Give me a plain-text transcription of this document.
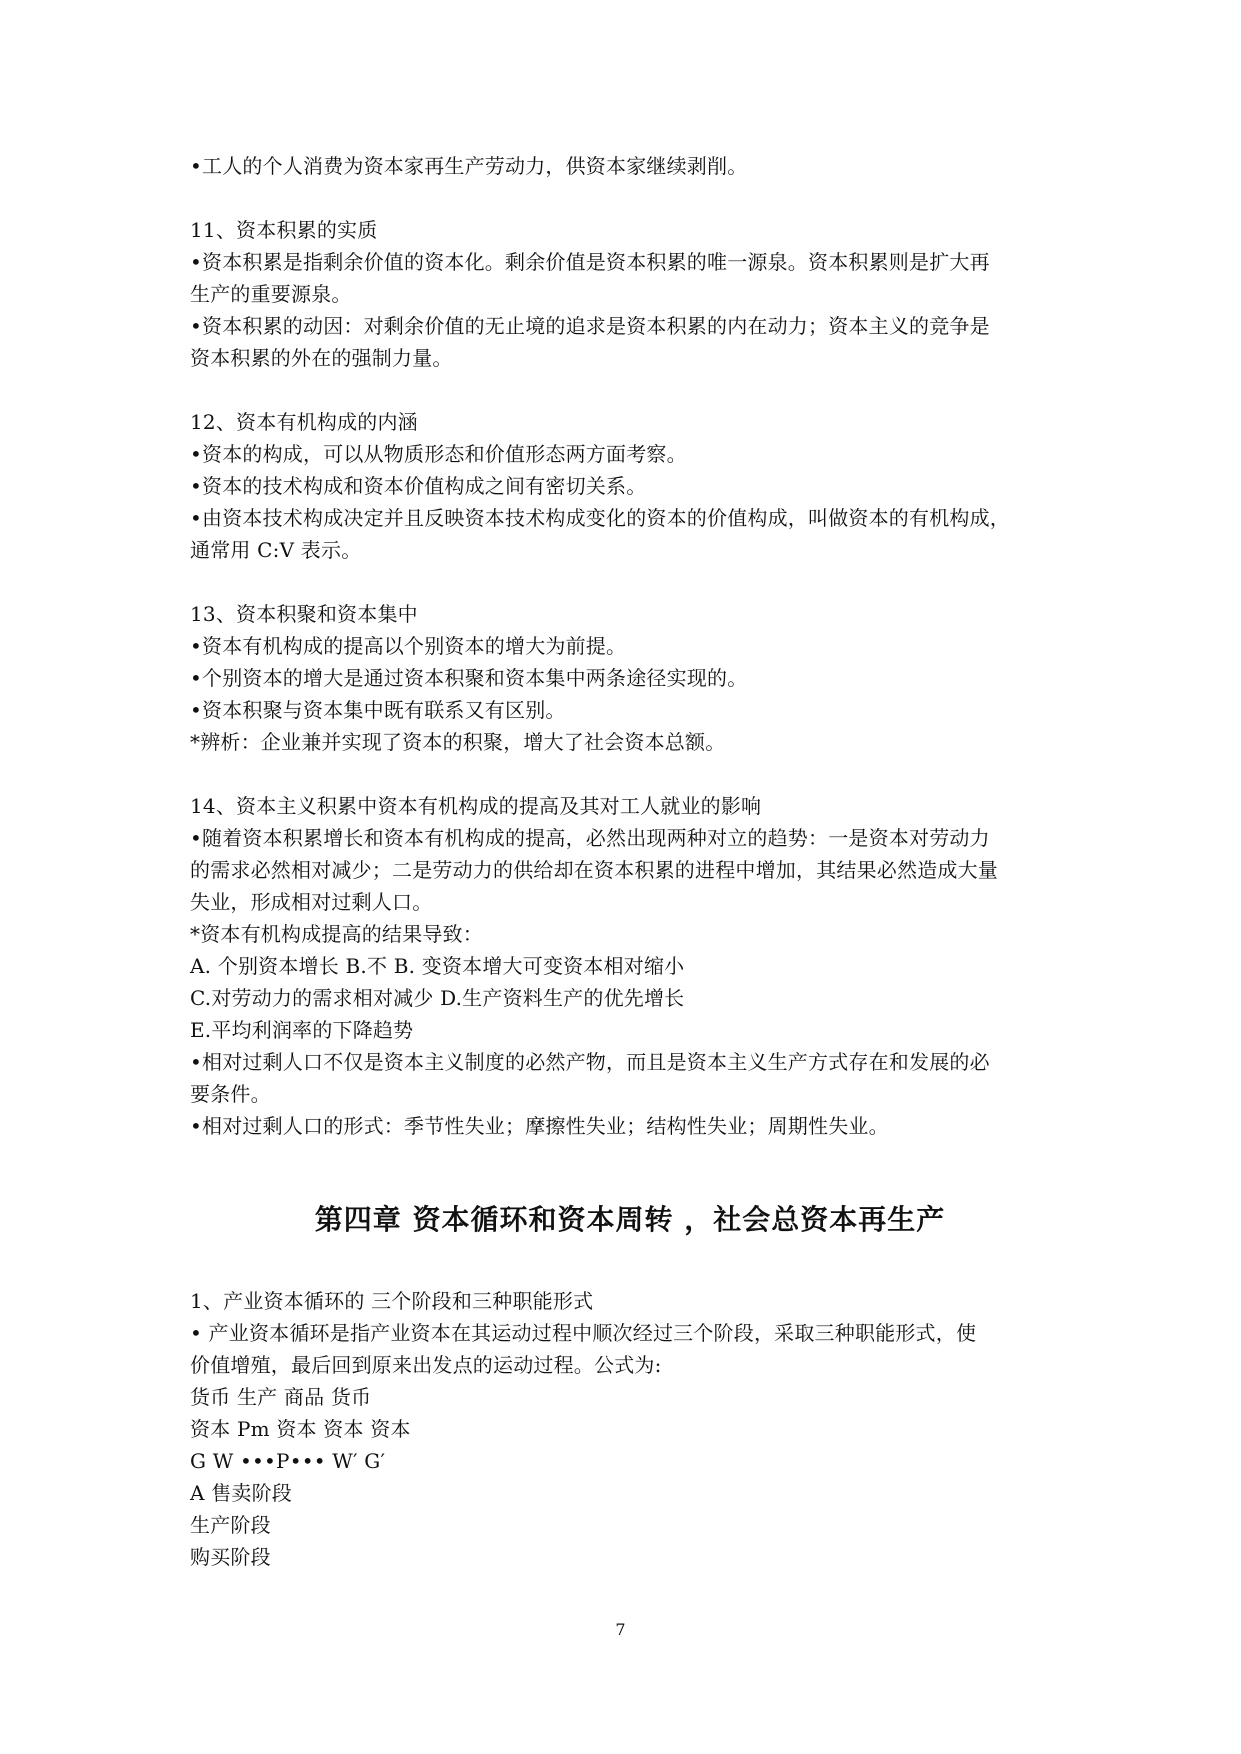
•工人的个人消费为资本家再生产劳动力，供资本家继续剥削。
11、资本积累的实质
•资本积累是指剩余价值的资本化。剩余价值是资本积累的唯一源泉。资本积累则是扩大再
生产的重要源泉。
•资本积累的动因：对剩余价值的无止境的追求是资本积累的内在动力；资本主义的竞争是
资本积累的外在的强制力量。
12、资本有机构成的内涵
•资本的构成，可以从物质形态和价值形态两方面考察。
•资本的技术构成和资本价值构成之间有密切关系。
•由资本技术构成决定并且反映资本技术构成变化的资本的价值构成，叫做资本的有机构成，
通常用 C:V 表示。
13、资本积聚和资本集中
•资本有机构成的提高以个别资本的增大为前提。
•个别资本的增大是通过资本积聚和资本集中两条途径实现的。
•资本积聚与资本集中既有联系又有区别。
*辨析：企业兼并实现了资本的积聚，增大了社会资本总额。
14、资本主义积累中资本有机构成的提高及其对工人就业的影响
•随着资本积累增长和资本有机构成的提高，必然出现两种对立的趋势：一是资本对劳动力
的需求必然相对减少；二是劳动力的供给却在资本积累的进程中增加，其结果必然造成大量
失业，形成相对过剩人口。
*资本有机构成提高的结果导致：
A. 个别资本增长 B.不 B. 变资本增大可变资本相对缩小
C.对劳动力的需求相对减少 D.生产资料生产的优先增长
E.平均利润率的下降趋势
•相对过剩人口不仅是资本主义制度的必然产物，而且是资本主义生产方式存在和发展的必
要条件。
•相对过剩人口的形式：季节性失业；摩擦性失业；结构性失业；周期性失业。
第四章 资本循环和资本周转 ，社会总资本再生产
1、产业资本循环的 三个阶段和三种职能形式
• 产业资本循环是指产业资本在其运动过程中顺次经过三个阶段，采取三种职能形式，使
价值增殖，最后回到原来出发点的运动过程。公式为:
货币 生产 商品 货币
资本 Pm 资本 资本 资本
G W •••P••• W′ G′
A 售卖阶段
生产阶段
购买阶段
7
